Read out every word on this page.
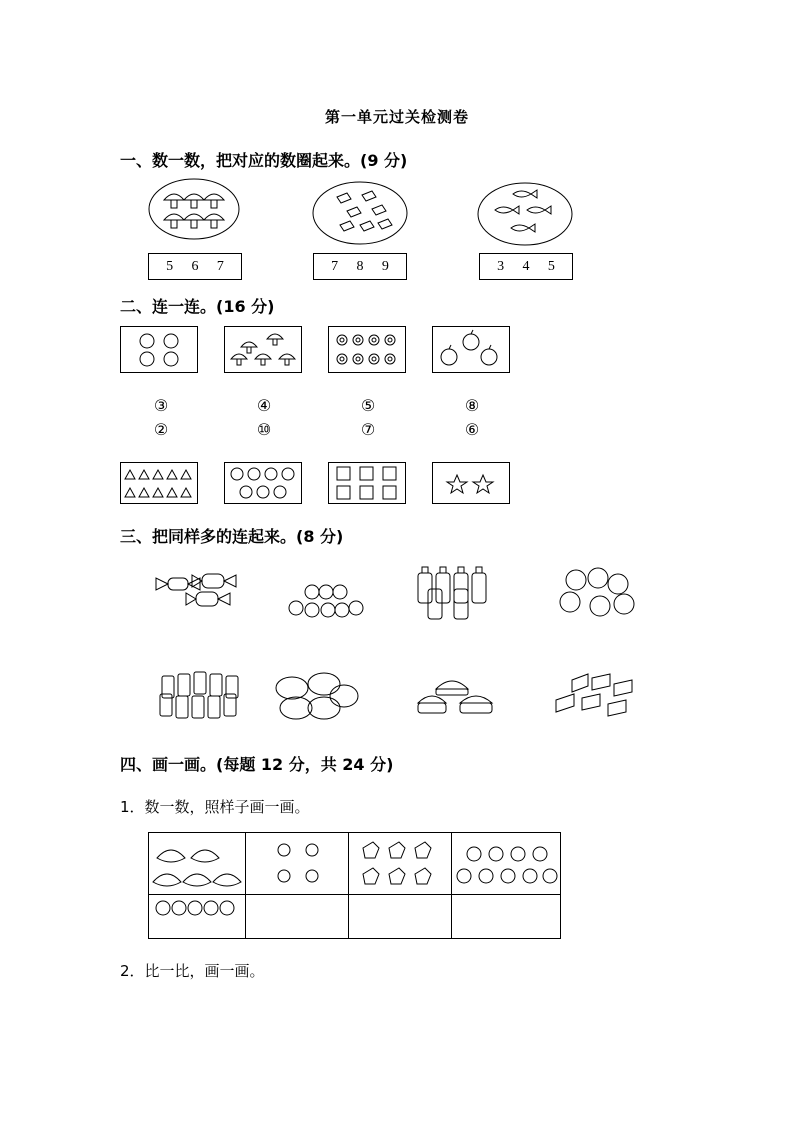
第一单元过关检测卷
一、数一数，把对应的数圈起来。(9 分)
5 6 7	7 8 9	3 4 5
二、连一连。(16 分)
③	④	⑤	⑧
②	⑩	⑦	⑥
三、把同样多的连起来。(8 分)
四、画一画。(每题 12 分，共 24 分)
1．数一数，照样子画一画。

2．比一比，画一画。
